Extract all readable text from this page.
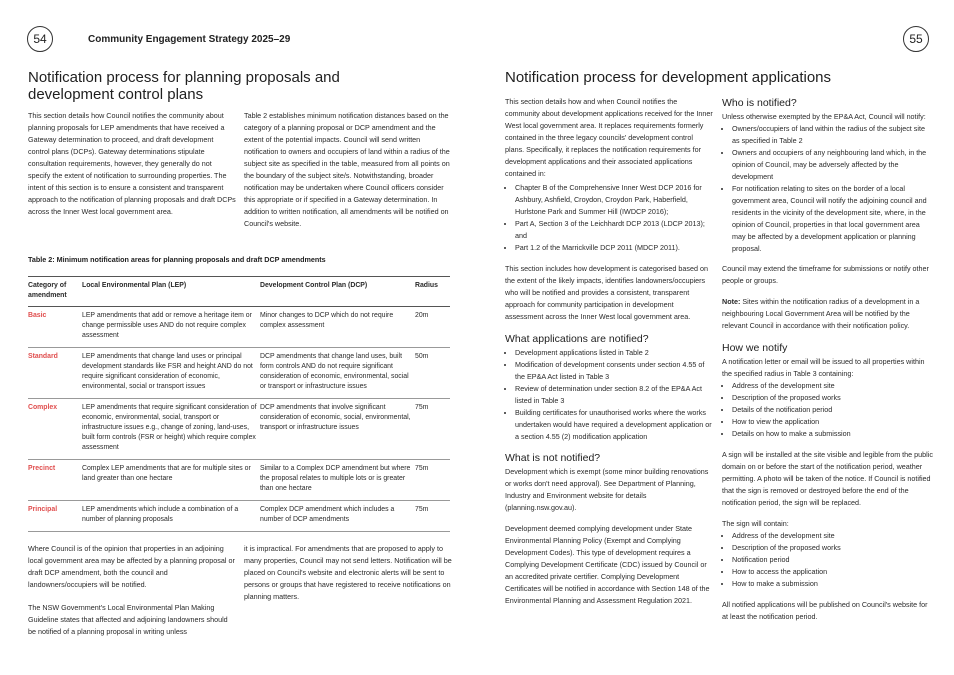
54	Community Engagement Strategy 2025–29	55
Notification process for planning proposals and development control plans

This section details how Council notifies the community about planning proposals for LEP amendments that have received a Gateway determination to proceed, and draft development control plans (DCPs). Gateway determinations stipulate consultation requirements, however, they generally do not specify the extent of notification to surrounding properties. The intent of this section is to ensure a consistent and transparent approach to the notification of planning proposals and draft DCPs across the Inner West local government area.

Table 2 establishes minimum notification distances based on the category of a planning proposal or DCP amendment and the extent of the potential impacts. Council will send written notification to owners and occupiers of land within a radius of the subject site as specified in the table, measured from all points on the boundary of the subject site/s. Notwithstanding, broader notification may be undertaken where Council officers consider this appropriate or if specified in a Gateway determination. In addition to written notification, all amendments will be notified on Council's website.

Table 2: Minimum notification areas for planning proposals and draft DCP amendments
Category of amendment	Local Environmental Plan (LEP)	Development Control Plan (DCP)	Radius
Basic	LEP amendments that add or remove a heritage item or change permissible uses AND do not require complex assessment	Minor changes to DCP which do not require complex assessment	20m
Standard	LEP amendments that change land uses or principal development standards like FSR and height AND do not require significant consideration of economic, environmental, social or transport issues	DCP amendments that change land uses, built form controls AND do not require significant consideration of economic, environmental, social or transport or infrastructure issues	50m
Complex	LEP amendments that require significant consideration of economic, environmental, social, transport or infrastructure issues e.g., change of zoning, land-uses, built form controls (FSR or height) which require complex assessment	DCP amendments that involve significant consideration of economic, social, environmental, transport or infrastructure issues	75m
Precinct	Complex LEP amendments that are for multiple sites or land greater than one hectare	Similar to a Complex DCP amendment but where the proposal relates to multiple lots or is greater than one hectare	75m
Principal	LEP amendments which include a combination of a number of planning proposals	Complex DCP amendment which includes a number of DCP amendments	75m

Where Council is of the opinion that properties in an adjoining local government area may be affected by a planning proposal or draft DCP amendment, both the council and landowners/occupiers will be notified.

The NSW Government's Local Environmental Plan Making Guideline states that affected and adjoining landowners should be notified of a planning proposal in writing unless

it is impractical. For amendments that are proposed to apply to many properties, Council may not send letters. Notification will be placed on Council's website and electronic alerts will be sent to persons or groups that have registered to receive notifications on planning matters.

Notification process for development applications

This section details how and when Council notifies the community about development applications received for the Inner West local government area. It replaces requirements formerly contained in the three legacy councils' development control plans. Specifically, it replaces the notification requirements for development applications and their associated applications contained in:

• Chapter B of the Comprehensive Inner West DCP 2016 for Ashbury, Ashfield, Croydon, Croydon Park, Haberfield, Hurlstone Park and Summer Hill (IWDCP 2016);
• Part A, Section 3 of the Leichhardt DCP 2013 (LDCP 2013); and
• Part 1.2 of the Marrickville DCP 2011 (MDCP 2011).

This section includes how development is categorised based on the extent of the likely impacts, identifies landowners/occupiers who will be notified and provides a consistent, transparent approach for community participation in development assessment across the Inner West local government area.

What applications are notified?
• Development applications listed in Table 2
• Modification of development consents under section 4.55 of the EP&A Act listed in Table 3
• Review of determination under section 8.2 of the EP&A Act listed in Table 3
• Building certificates for unauthorised works where the works undertaken would have required a development application or a section 4.55 (2) modification application
What is not notified?

Development which is exempt (some minor building renovations or works don't need approval). See Department of Planning, Industry and Environment website for details (planning.nsw.gov.au).

Development deemed complying development under State Environmental Planning Policy (Exempt and Complying Development Codes). This type of development requires a Complying Development Certificate (CDC) issued by Council or an accredited private certifier. Complying Development Certificates will be notified in accordance with Section 148 of the Environmental Planning and Assessment Regulation 2021.

Who is notified?

Unless otherwise exempted by the EP&A Act, Council will notify:

• Owners/occupiers of land within the radius of the subject site as specified in Table 2
• Owners and occupiers of any neighbouring land which, in the opinion of Council, may be adversely affected by the development
• For notification relating to sites on the border of a local government area, Council will notify the adjoining council and residents in the vicinity of the development site, where, in the opinion of Council, properties in that local government area may be affected by a development application or planning proposal.

Council may extend the timeframe for submissions or notify other people or groups.

Note: Sites within the notification radius of a development in a neighbouring Local Government Area will be notified by the relevant Council in accordance with their notification policy.

How we notify

A notification letter or email will be issued to all properties within the specified radius in Table 3 containing:

• Address of the development site
• Description of the proposed works
• Details of the notification period
• How to view the application
• Details on how to make a submission

A sign will be installed at the site visible and legible from the public domain on or before the start of the notification period, weather permitting. A photo will be taken of the notice. If Council is notified that the sign is removed or destroyed before the end of the notification period, the sign will be replaced.

The sign will contain:

• Address of the development site
• Description of the proposed works
• Notification period
• How to access the application
• How to make a submission

All notified applications will be published on Council's website for at least the notification period.
